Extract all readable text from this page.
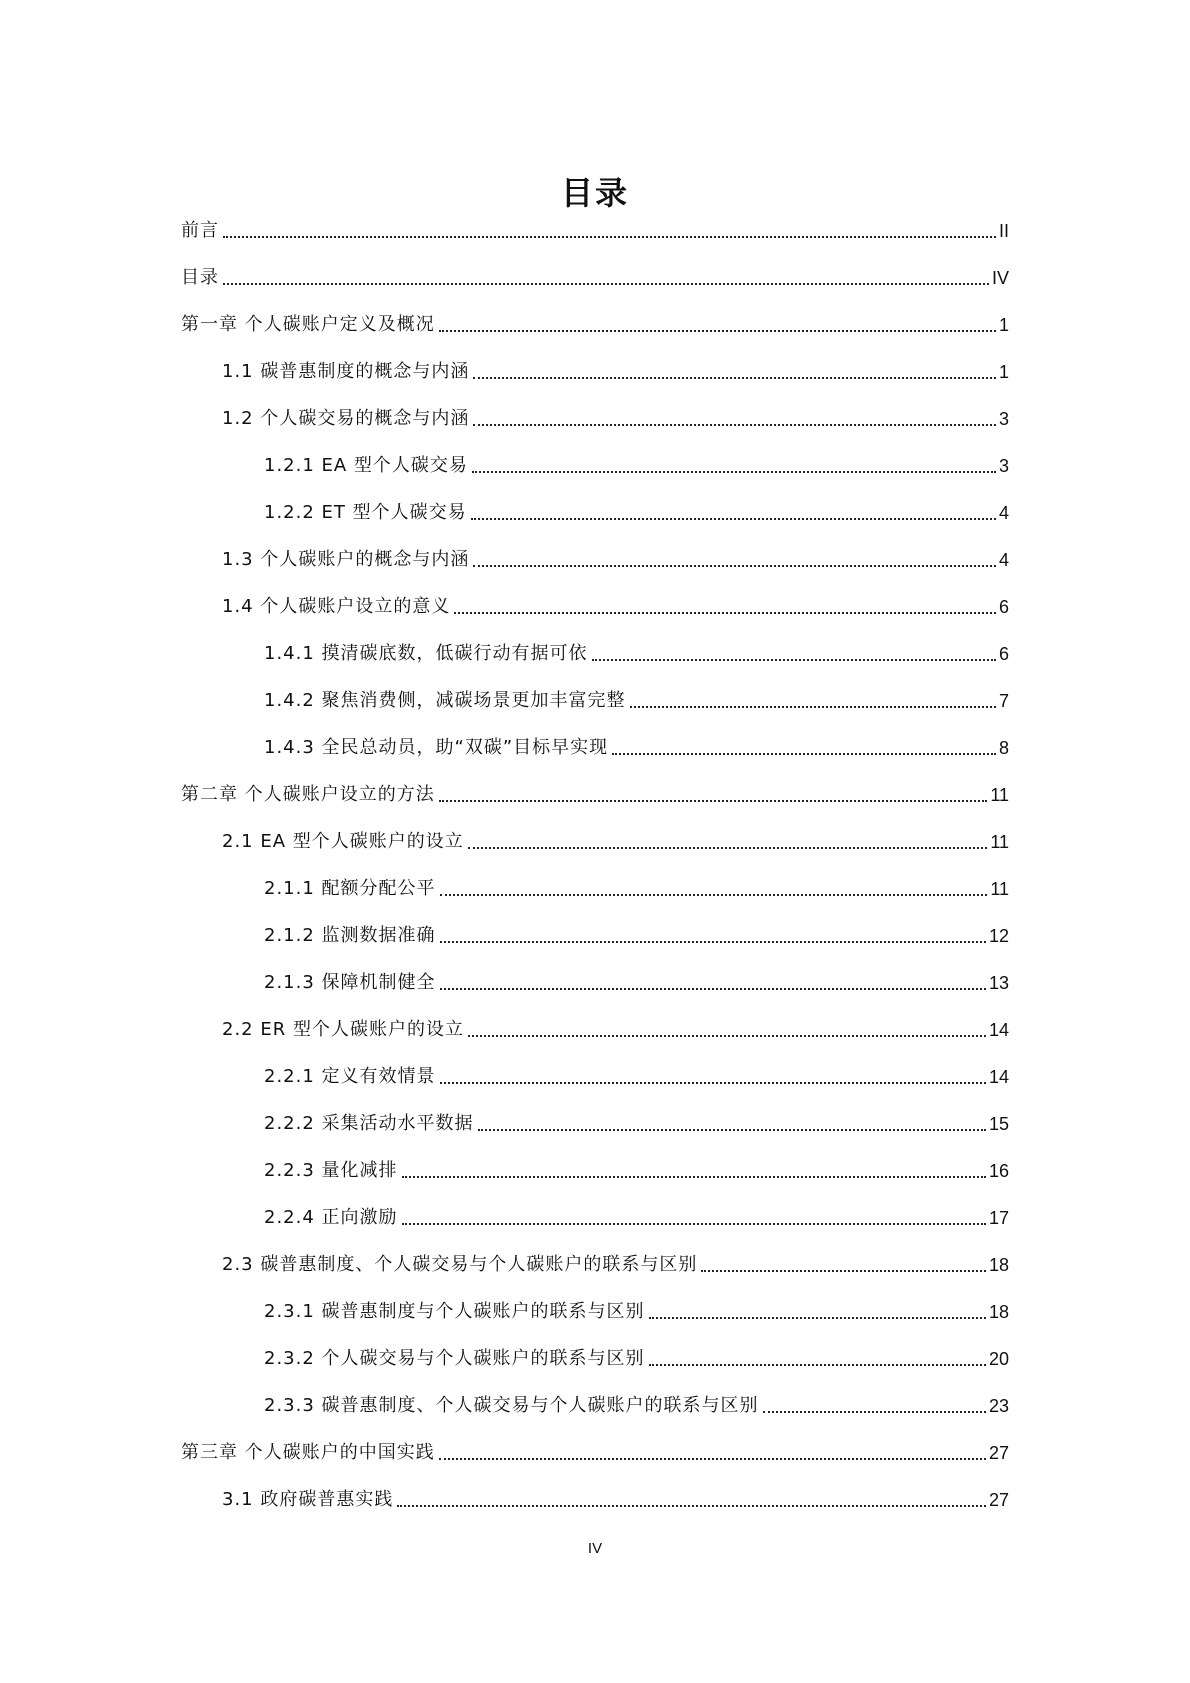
目录
前言	II
目录	IV
第一章 个人碳账户定义及概况	1
1.1 碳普惠制度的概念与内涵	1
1.2 个人碳交易的概念与内涵	3
1.2.1 EA 型个人碳交易	3
1.2.2 ET 型个人碳交易	4
1.3 个人碳账户的概念与内涵	4
1.4 个人碳账户设立的意义	6
1.4.1 摸清碳底数，低碳行动有据可依	6
1.4.2 聚焦消费侧，减碳场景更加丰富完整	7
1.4.3 全民总动员，助“双碳”目标早实现	8
第二章 个人碳账户设立的方法	11
2.1 EA 型个人碳账户的设立	11
2.1.1 配额分配公平	11
2.1.2 监测数据准确	12
2.1.3 保障机制健全	13
2.2 ER 型个人碳账户的设立	14
2.2.1 定义有效情景	14
2.2.2 采集活动水平数据	15
2.2.3 量化减排	16
2.2.4 正向激励	17
2.3 碳普惠制度、个人碳交易与个人碳账户的联系与区别	18
2.3.1 碳普惠制度与个人碳账户的联系与区别	18
2.3.2 个人碳交易与个人碳账户的联系与区别	20
2.3.3 碳普惠制度、个人碳交易与个人碳账户的联系与区别	23
第三章 个人碳账户的中国实践	27
3.1 政府碳普惠实践	27
IV
